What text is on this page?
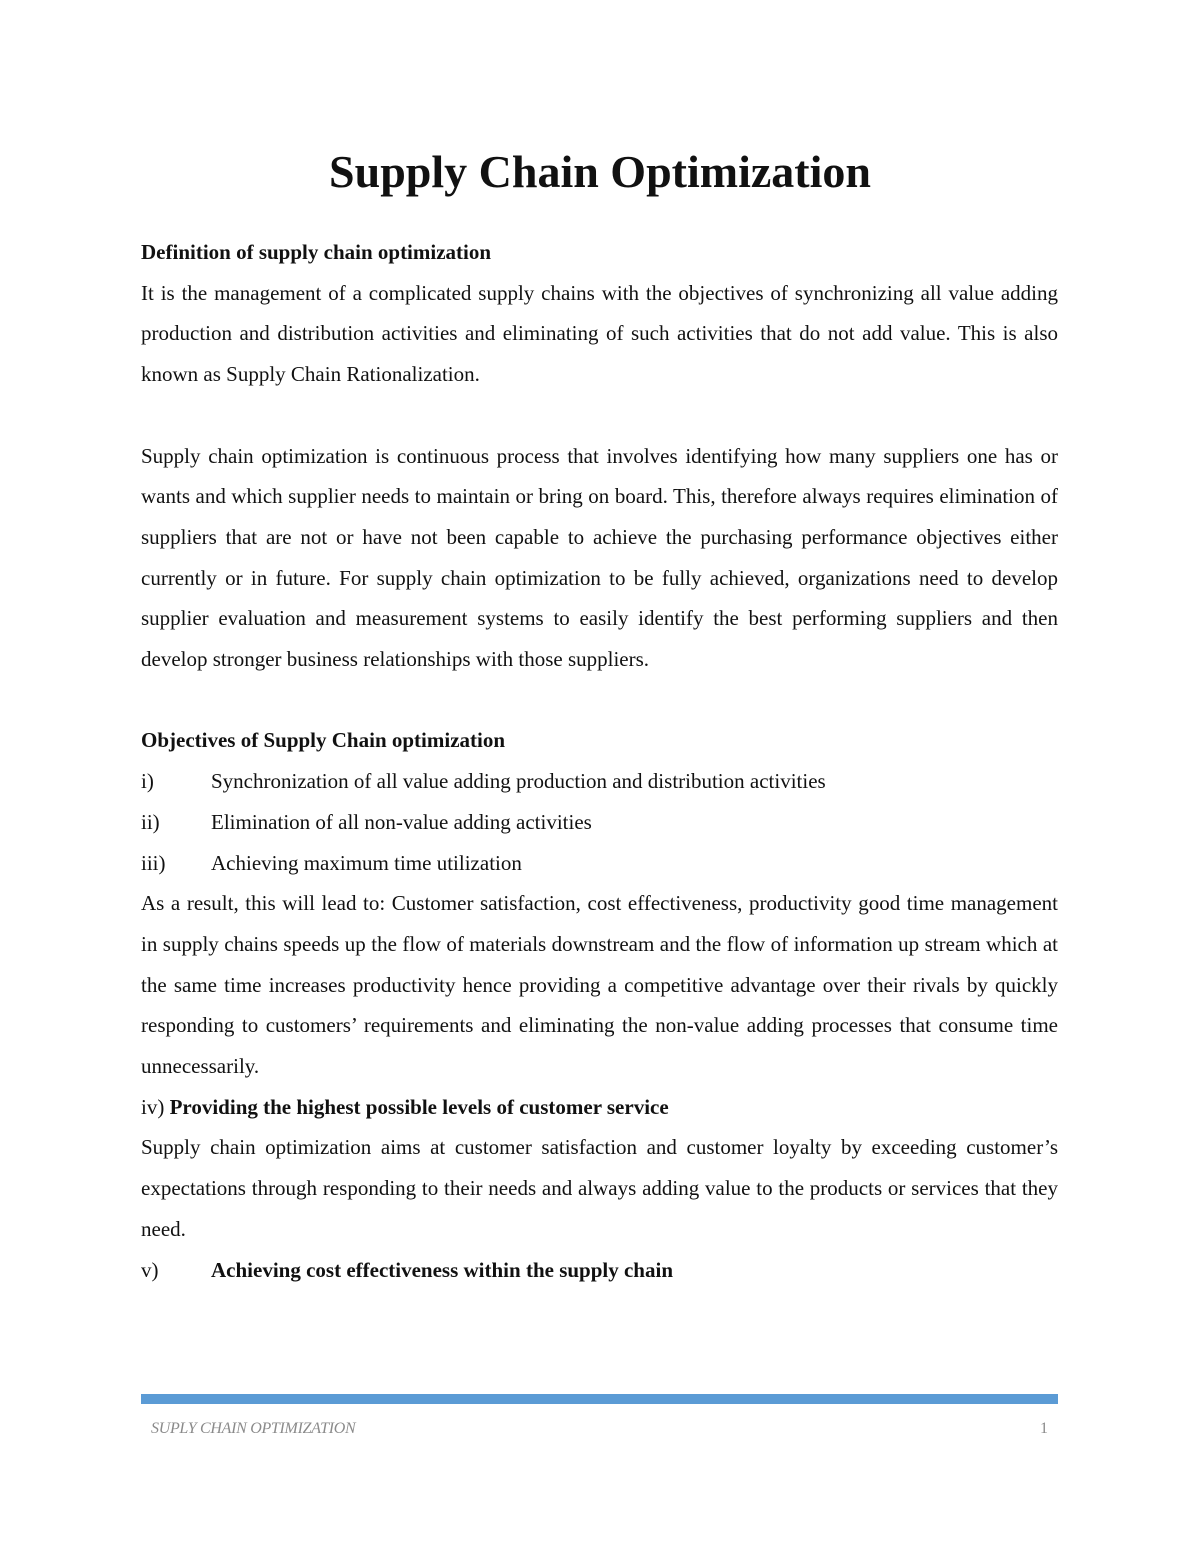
Supply Chain Optimization

Definition of supply chain optimization

It is the management of a complicated supply chains with the objectives of synchronizing all value adding production and distribution activities and eliminating of such activities that do not add value. This is also known as Supply Chain Rationalization.

Supply chain optimization is continuous process that involves identifying how many suppliers one has or wants and which supplier needs to maintain or bring on board. This, therefore always requires elimination of suppliers that are not or have not been capable to achieve the purchasing performance objectives either currently or in future. For supply chain optimization to be fully achieved, organizations need to develop supplier evaluation and measurement systems to easily identify the best performing suppliers and then develop stronger business relationships with those suppliers.

Objectives of Supply Chain optimization

i)	Synchronization of all value adding production and distribution activities
ii)	Elimination of all non-value adding activities
iii)	Achieving maximum time utilization

As a result, this will lead to: Customer satisfaction, cost effectiveness, productivity good time management in supply chains speeds up the flow of materials downstream and the flow of information up stream which at the same time increases productivity hence providing a competitive advantage over their rivals by quickly responding to customers’ requirements and eliminating the non-value adding processes that consume time unnecessarily.

iv) Providing the highest possible levels of customer service

Supply chain optimization aims at customer satisfaction and customer loyalty by exceeding customer’s expectations through responding to their needs and always adding value to the products or services that they need.

v)	Achieving cost effectiveness within the supply chain
SUPLY CHAIN OPTIMIZATION	1
